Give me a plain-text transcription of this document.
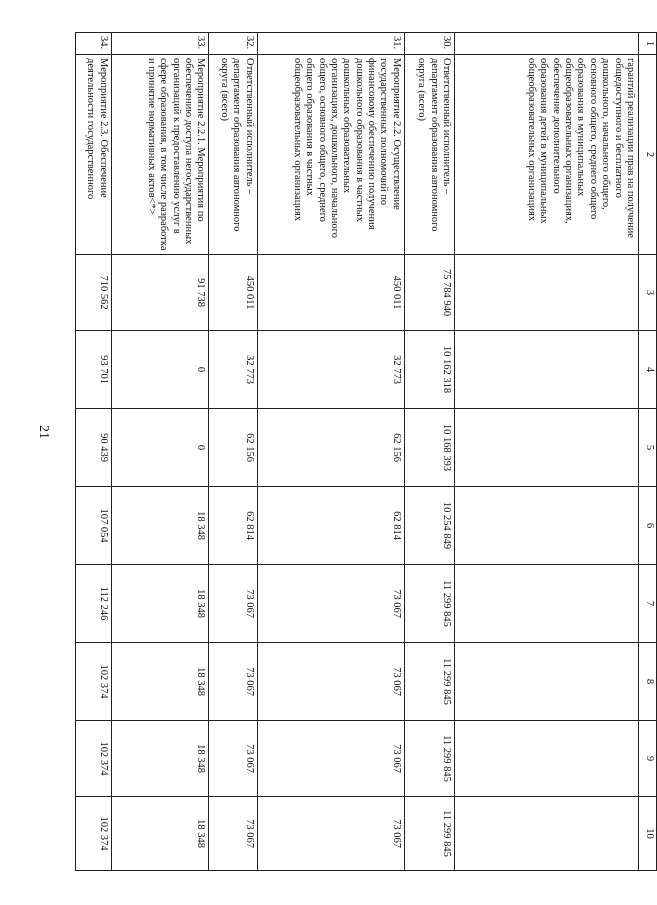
21
1	2	3	4	5	6	7	8	9	10
	гарантий реализации прав на получение общедоступного и бесплатного дошкольного, начального общего, основного общего, среднего общего образования в муниципальных общеобразовательных организациях, обеспечение дополнительного образования детей в муниципальных общеобразовательных организациях								
30.	Ответственный исполнитель – департамент образования автономного округа (всего)	75 784 940	10 162 318	10 168 393	10 254 849	11 299 845	11 299 845	11 299 845	11 299 845
31.	Мероприятие 2.2. Осуществление государственных полномочий по финансовому обеспечению получения дошкольного образования в частных дошкольных образовательных организациях, дошкольного, начального общего, основного общего, среднего общего образования в частных общеобразовательных организациях	450 011	32 773	62 156	62 814	73 067	73 067	73 067	73 067
32.	Ответственный исполнитель – департамент образования автономного округа (всего)	450 011	32 773	62 156	62 814	73 067	73 067	73 067	73 067
33.	Мероприятие 2.2.1. Мероприятия по обеспечению доступа негосударственных организаций к предоставлению услуг в сфере образования, в том числе разработка и принятие нормативных актов<*>	91 738	0	0	18 348	18 348	18 348	18 348	18 348
34.	Мероприятие 2.3. Обеспечение деятельности государственного	710 562	93 701	90 439	107 054	112 246	102 374	102 374	102 374
